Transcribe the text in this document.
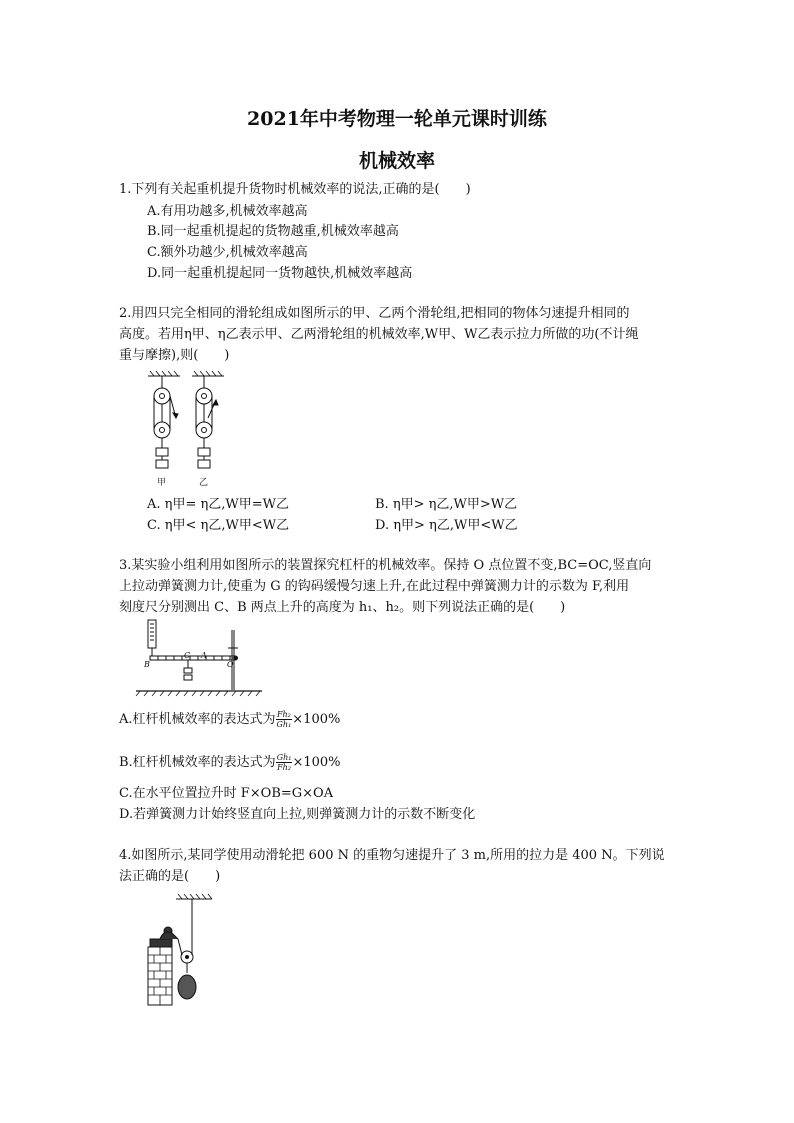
2021年中考物理一轮单元课时训练
机械效率
1.下列有关起重机提升货物时机械效率的说法,正确的是(　　)
A.有用功越多,机械效率越高
B.同一起重机提起的货物越重,机械效率越高
C.额外功越少,机械效率越高
D.同一起重机提起同一货物越快,机械效率越高
2.用四只完全相同的滑轮组成如图所示的甲、乙两个滑轮组,把相同的物体匀速提升相同的
高度。若用η甲、η乙表示甲、乙两滑轮组的机械效率,W甲、W乙表示拉力所做的功(不计绳
重与摩擦),则(　　)
甲	乙
A. η甲= η乙,W甲=W乙	B. η甲> η乙,W甲>W乙
C. η甲< η乙,W甲<W乙	D. η甲> η乙,W甲<W乙
3.某实验小组利用如图所示的装置探究杠杆的机械效率。保持 O 点位置不变,BC=OC,竖直向
上拉动弹簧测力计,使重为 G 的钩码缓慢匀速上升,在此过程中弹簧测力计的示数为 F,利用
刻度尺分别测出 C、B 两点上升的高度为 h₁、h₂。则下列说法正确的是(　　)
B
C A
O
A.杠杆机械效率的表达式为 $\frac{\text{Fh₂}}{\text{Gh₁}} \times 100\%$
B.杠杆机械效率的表达式为 $\frac{\text{Gh₁}}{\text{Fh₂}} \times 100\%$
C.在水平位置拉升时 F×OB=G×OA
D.若弹簧测力计始终竖直向上拉,则弹簧测力计的示数不断变化
4.如图所示,某同学使用动滑轮把 600 N 的重物匀速提升了 3 m,所用的拉力是 400 N。下列说
法正确的是(　　)
